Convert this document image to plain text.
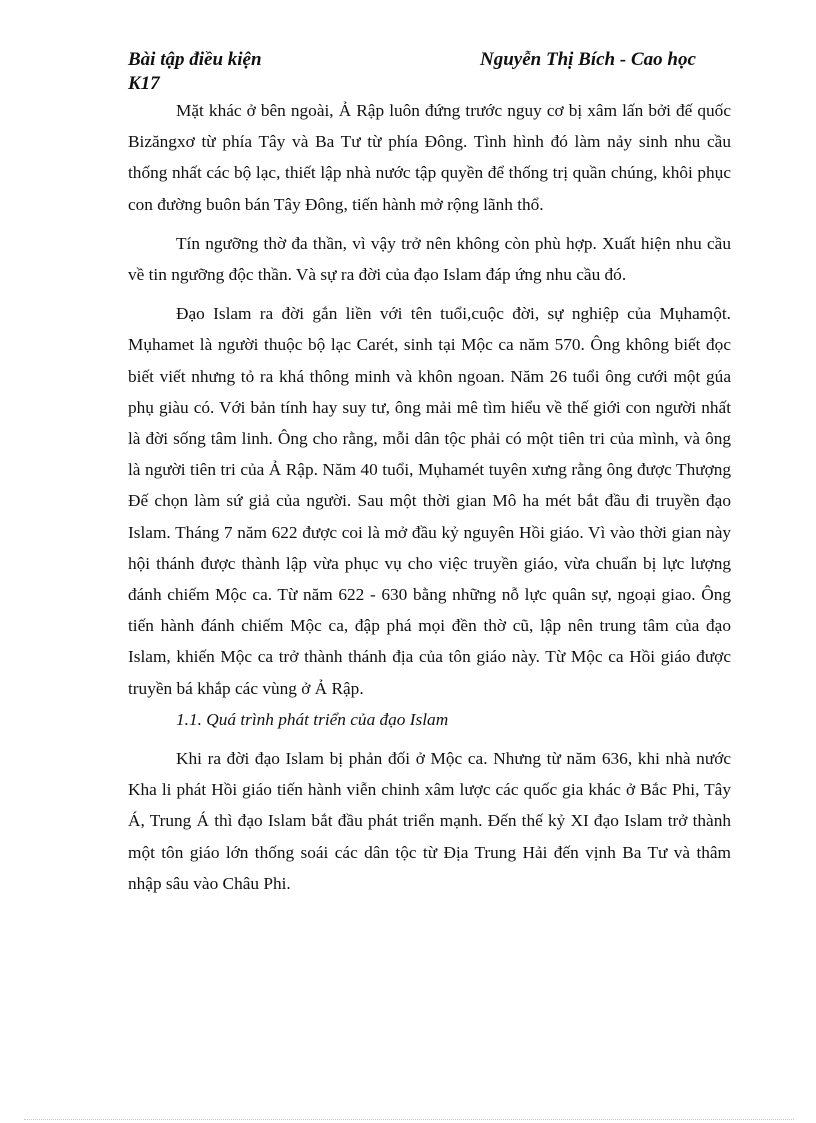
Bài tập điều kiện	Nguyễn Thị Bích - Cao học
K17

Mặt khác ở bên ngoài, Ả Rập luôn đứng trước nguy cơ bị xâm lấn bởi đế quốc Bizăngxơ từ phía Tây và Ba Tư từ phía Đông. Tình hình đó làm nảy sinh nhu cầu thống nhất các bộ lạc, thiết lập nhà nước tập quyền để thống trị quần chúng, khôi phục con đường buôn bán Tây Đông, tiến hành mở rộng lãnh thổ.

Tín ngưỡng thờ đa thần, vì vậy trở nên không còn phù hợp. Xuất hiện nhu cầu về tin ngưỡng độc thần. Và sự ra đời của đạo Islam đáp ứng nhu cầu đó.

Đạo Islam ra đời gắn liền với tên tuổi,cuộc đời, sự nghiệp của Mụhamột. Mụhamet là người thuộc bộ lạc Carét, sinh tại Mộc ca năm 570. Ông không biết đọc biết viết nhưng tỏ ra khá thông minh và khôn ngoan. Năm 26 tuổi ông cưới một gúa phụ giàu có. Với bản tính hay suy tư, ông mải mê tìm hiểu về thế giới con người nhất là đời sống tâm linh. Ông cho rằng, mỗi dân tộc phải có một tiên tri của mình, và ông là người tiên tri của Ả Rập. Năm 40 tuổi, Mụhamét tuyên xưng rằng ông được Thượng Đế chọn làm sứ giả của người. Sau một thời gian Mô ha mét bắt đầu đi truyền đạo Islam. Tháng 7 năm 622 được coi là mở đầu kỷ nguyên Hồi giáo. Vì vào thời gian này hội thánh được thành lập vừa phục vụ cho việc truyền giáo, vừa chuẩn bị lực lượng đánh chiếm Mộc ca. Từ năm 622 - 630 bằng những nỗ lực quân sự, ngoại giao. Ông tiến hành đánh chiếm Mộc ca, đập phá mọi đền thờ cũ, lập nên trung tâm của đạo Islam, khiến Mộc ca trở thành thánh địa của tôn giáo này. Từ Mộc ca Hồi giáo được truyền bá khắp các vùng ở Ả Rập.

1.1. Quá trình phát triển của đạo Islam

Khi ra đời đạo Islam bị phản đối ở Mộc ca. Nhưng từ năm 636, khi nhà nước Kha li phát Hồi giáo tiến hành viễn chinh xâm lược các quốc gia khác ở Bắc Phi, Tây Á, Trung Á thì đạo Islam bắt đầu phát triển mạnh. Đến thế kỷ XI đạo Islam trở thành một tôn giáo lớn thống soái các dân tộc từ Địa Trung Hải đến vịnh Ba Tư và thâm nhập sâu vào Châu Phi.
